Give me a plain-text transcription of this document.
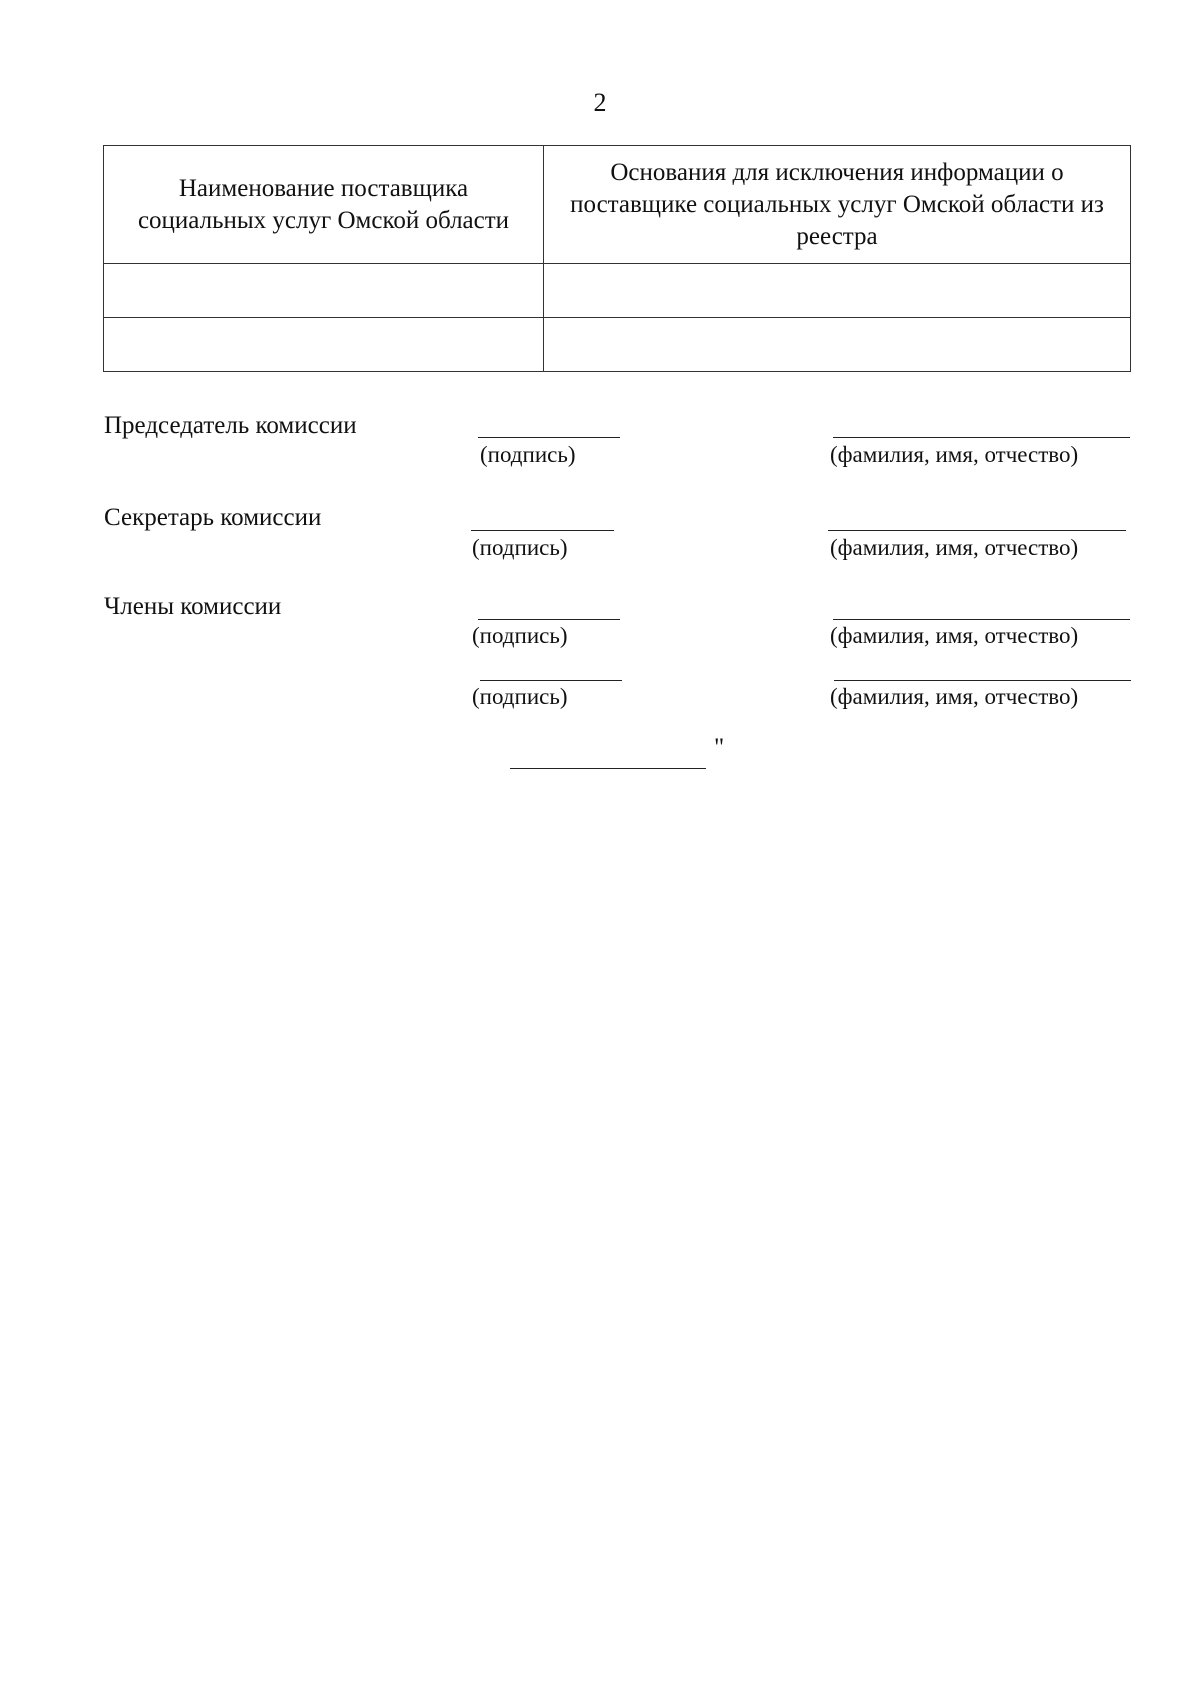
2
Наименование поставщика социальных услуг Омской области	Основания для исключения информации о поставщике социальных услуг Омской области из реестра

Председатель комиссии
(подпись)	(фамилия, имя, отчество)
Секретарь комиссии
(подпись)	(фамилия, имя, отчество)
Члены комиссии
(подпись)	(фамилия, имя, отчество)
(подпись)	(фамилия, имя, отчество)
"
